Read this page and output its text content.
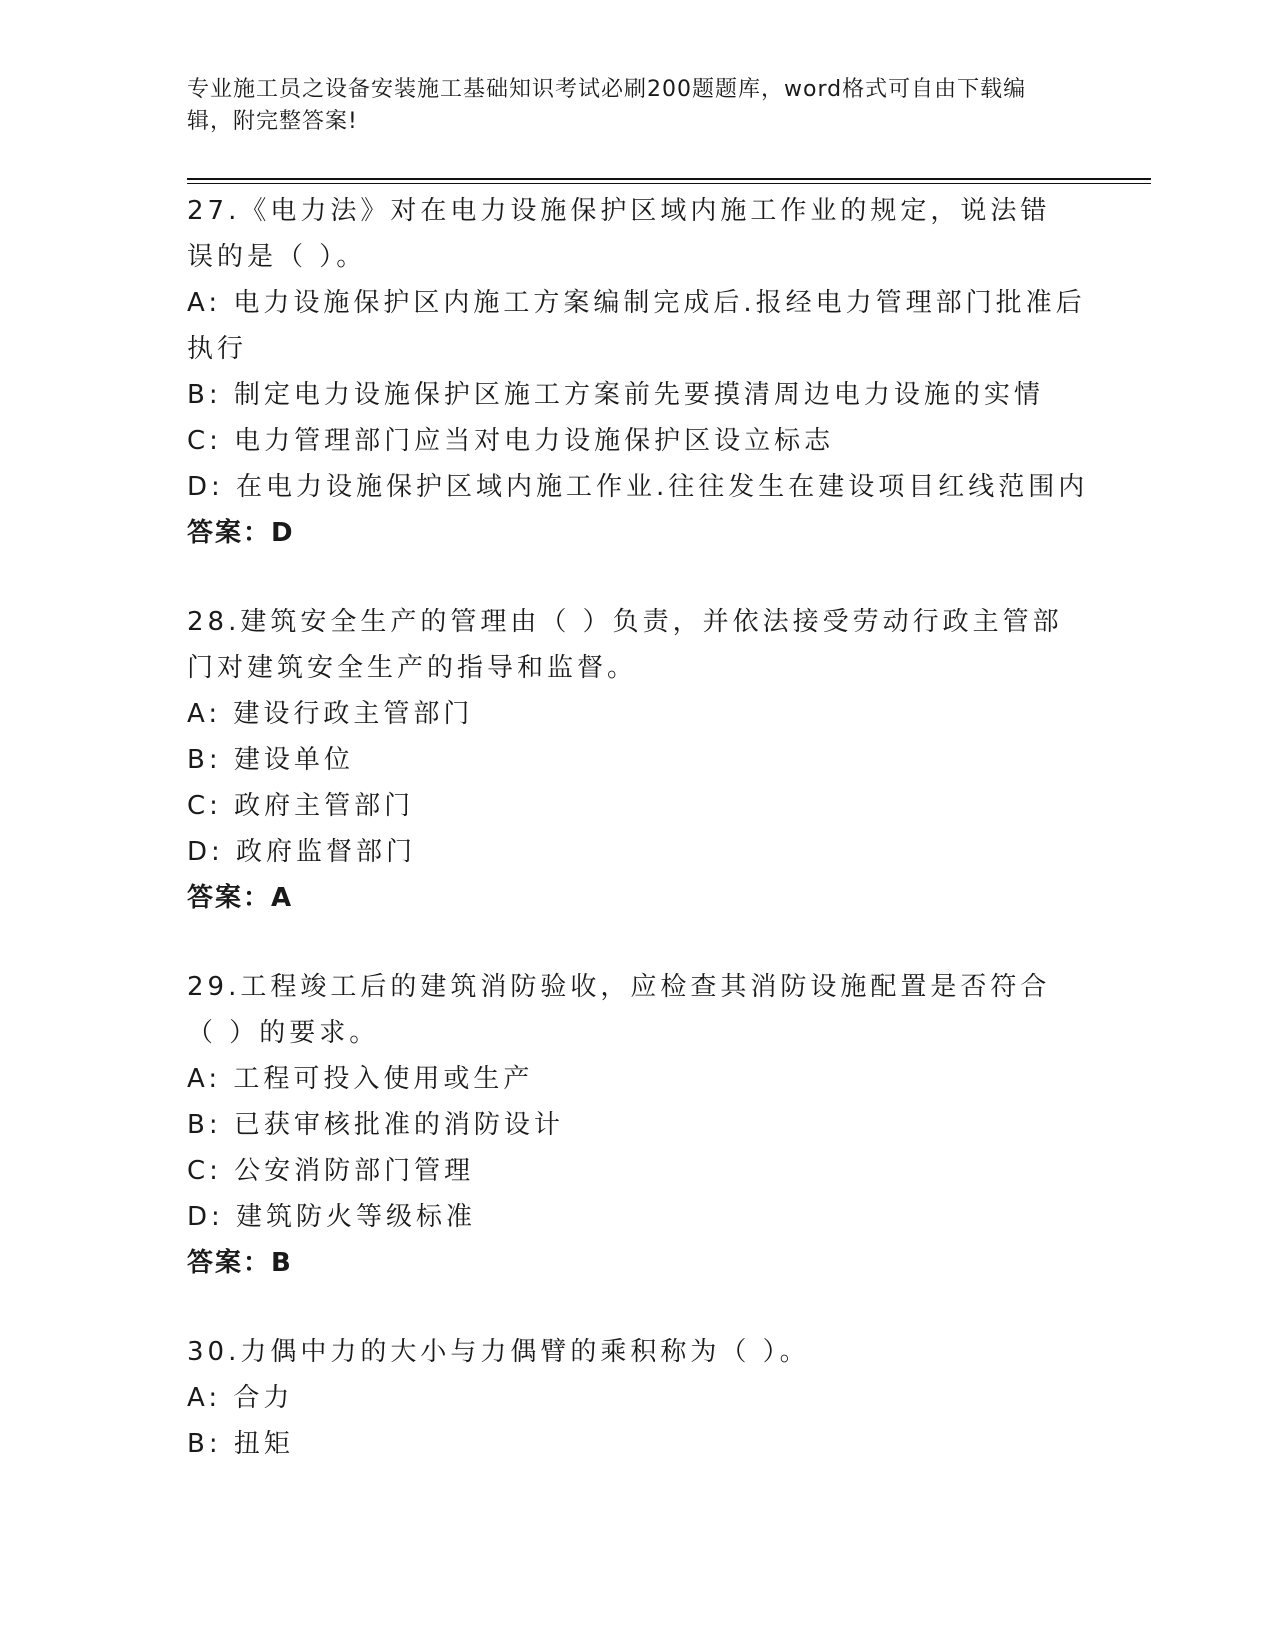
专业施工员之设备安装施工基础知识考试必刷200题题库，word格式可自由下载编辑，附完整答案!
27.《电力法》对在电力设施保护区域内施工作业的规定，说法错误的是（ ）。
A: 电力设施保护区内施工方案编制完成后.报经电力管理部门批准后
执行
B: 制定电力设施保护区施工方案前先要摸清周边电力设施的实情
C: 电力管理部门应当对电力设施保护区设立标志
D: 在电力设施保护区域内施工作业.往往发生在建设项目红线范围内
答案：D
28.建筑安全生产的管理由（ ）负责，并依法接受劳动行政主管部门对建筑安全生产的指导和监督。
A: 建设行政主管部门
B: 建设单位
C: 政府主管部门
D: 政府监督部门
答案：A
29.工程竣工后的建筑消防验收，应检查其消防设施配置是否符合（ ）的要求。
A: 工程可投入使用或生产
B: 已获审核批准的消防设计
C: 公安消防部门管理
D: 建筑防火等级标准
答案：B
30.力偶中力的大小与力偶臂的乘积称为（ ）。
A: 合力
B: 扭矩
